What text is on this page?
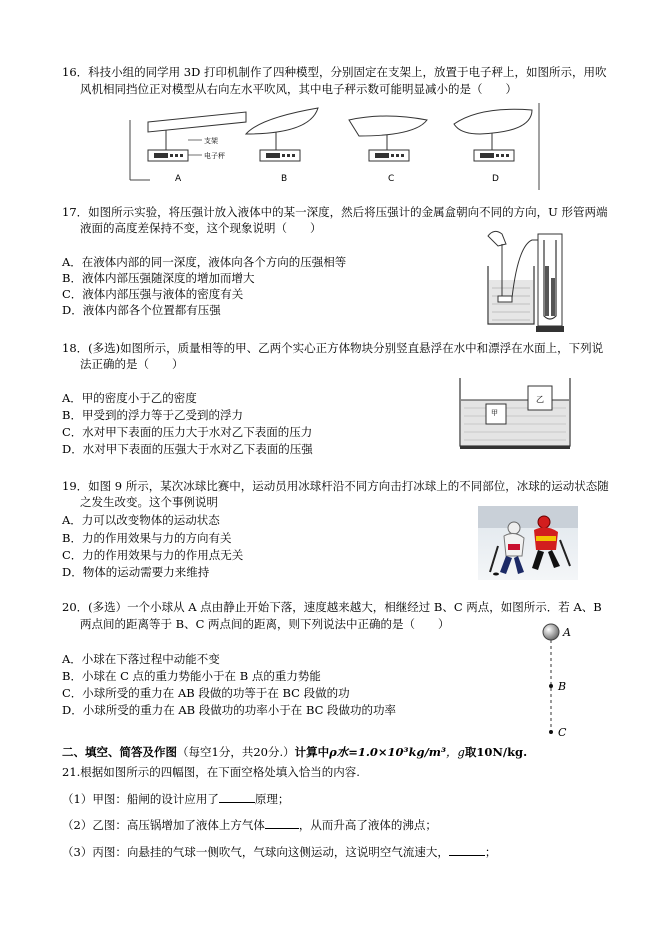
16．科技小组的同学用 3D 打印机制作了四种模型，分别固定在支架上，放置于电子秤上，如图所示，用吹
风机相同挡位正对模型从右向左水平吹风，其中电子秤示数可能明显减小的是（　　）
支架
电子秤
A	B	C	D
17．如图所示实验，将压强计放入液体中的某一深度，然后将压强计的金属盒朝向不同的方向，U 形管两端
液面的高度差保持不变，这个现象说明（　　）
A．在液体内部的同一深度，液体向各个方向的压强相等
B．液体内部压强随深度的增加而增大
C．液体内部压强与液体的密度有关
D．液体内部各个位置都有压强
18．(多选)如图所示，质量相等的甲、乙两个实心正方体物块分别竖直悬浮在水中和漂浮在水面上，下列说
法正确的是（　　）
A．甲的密度小于乙的密度
B．甲受到的浮力等于乙受到的浮力
C．水对甲下表面的压力大于水对乙下表面的压力
D．水对甲下表面的压强大于水对乙下表面的压强
甲
乙
19．如图 9 所示，某次冰球比赛中，运动员用冰球杆沿不同方向击打冰球上的不同部位，冰球的运动状态随
之发生改变。这个事例说明
A．力可以改变物体的运动状态
B．力的作用效果与力的方向有关
C．力的作用效果与力的作用点无关
D．物体的运动需要力来维持
20．(多选）一个小球从 A 点由静止开始下落，速度越来越大，相继经过 B、C 两点，如图所示．若 A、B
两点间的距离等于 B、C 两点间的距离，则下列说法中正确的是（　　）
A．小球在下落过程中动能不变
B．小球在 C 点的重力势能小于在 B 点的重力势能
C．小球所受的重力在 AB 段做的功等于在 BC 段做的功
D．小球所受的重力在 AB 段做功的功率小于在 BC 段做功的功率
A
B
C
二、填空、简答及作图（每空1分，共20分.）计算中ρ水=1.0×10³kg/m³，g取10N/kg.
21.根据如图所示的四幅图，在下面空格处填入恰当的内容.
（1）甲图：船闸的设计应用了	原理；
（2）乙图：高压锅增加了液体上方气体	，从而升高了液体的沸点；
（3）丙图：向悬挂的气球一侧吹气，气球向这侧运动，这说明空气流速大，	；
